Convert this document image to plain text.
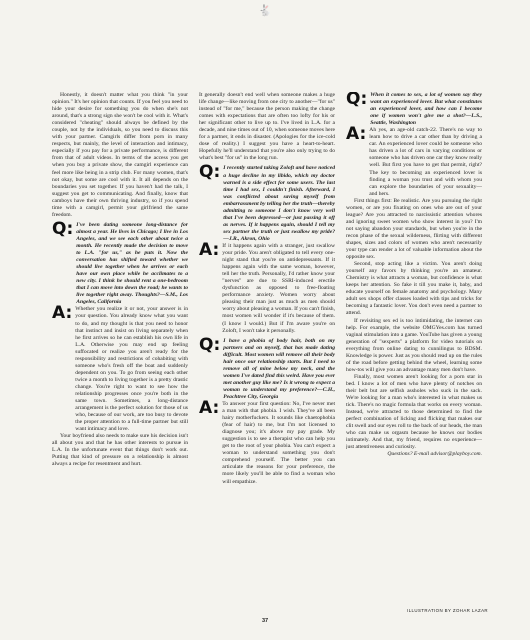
🐇

Honestly, it doesn't matter what you think "in your opinion." It's her opinion that counts. If you feel you need to hide your desire for something you do when she's not around, that's a strong sign she won't be cool with it. What's considered "cheating" should always be defined by the couple, not by the individuals, so you need to discuss this with your partner. Camgirls differ from porn in many respects, but mainly, the level of interaction and intimacy, especially if you pay for a private performance, is different from that of adult videos. In terms of the access you get when you buy a private show, the camgirl experience can feel more like being in a strip club. For many women, that's not okay, but some are cool with it. It all depends on the boundaries you set together. If you haven't had the talk, I suggest you get to communicating. And finally, know that camboys have their own thriving industry, so if you spend time with a camgirl, permit your girlfriend the same freedom.

Q: I've been dating someone long-distance for almost a year. He lives in Chicago; I live in Los Angeles, and we see each other about twice a month. He recently made the decision to move to L.A. "for us," as he puts it. Now the conversation has shifted toward whether we should live together when he arrives or each have our own place while he acclimates to a new city. I think he should rent a one-bedroom that I can move into down the road; he wants to live together right away. Thoughts?—S.M., Los Angeles, California

A: Whether you realize it or not, your answer is in your question. You already know what you want to do, and my thought is that you need to honor that instinct and insist on living separately when he first arrives so he can establish his own life in L.A. Otherwise you may end up feeling suffocated or realize you aren't ready for the responsibility and restrictions of cohabiting with someone who's fresh off the boat and suddenly dependent on you. To go from seeing each other twice a month to living together is a pretty drastic change. You're right to want to see how the relationship progresses once you're both in the same town. Sometimes, a long-distance arrangement is the perfect solution for those of us who, because of our work, are too busy to devote the proper attention to a full-time partner but still want intimacy and love.

Your boyfriend also needs to make sure his decision isn't all about you and that he has other interests to pursue in L.A. In the unfortunate event that things don't work out. Putting that kind of pressure on a relationship is almost always a recipe for resentment and hurt.

It generally doesn't end well when someone makes a huge life change—like moving from one city to another—"for us" instead of "for me," because the person making the change comes with expectations that are often too lofty for his or her significant other to live up to. I've lived in L.A. for a decade, and nine times out of 10, when someone moves here for a partner, it ends in disaster. (Apologies for the ice-cold dose of reality.) I suggest you have a heart-to-heart. Hopefully he'll understand that you're also only trying to do what's best "for us" in the long run.

Q: I recently started taking Zoloft and have noticed a huge decline in my libido, which my doctor warned is a side effect for some users. The last time I had sex, I couldn't finish. Afterward, I was conflicted about saving myself from embarrassment by telling her the truth—thereby admitting to someone I don't know very well that I've been depressed—or just passing it off as nerves. If it happens again, should I tell my sex partner the truth or just swallow my pride?—J.R., Akron, Ohio

A: If it happens again with a stranger, just swallow your pride. You aren't obligated to tell every one-night stand that you're on antidepressants. If it happens again with the same woman, however, tell her the truth. Personally, I'd rather know your "nerves" are due to SSRI-induced erectile dysfunction as opposed to free-floating performance anxiety. Women worry about pleasing their man just as much as men should worry about pleasing a woman. If you can't finish, most women will wonder if it's because of them. (I know I would.) But if I'm aware you're on Zoloft, I won't take it personally.

Q: I have a phobia of body hair, both on my partners and on myself, that has made dating difficult. Most women will remove all their body hair once our relationship starts. But I need to remove all of mine below my neck, and the women I've dated find this weird. Have you ever met another guy like me? Is it wrong to expect a woman to understand my preference?—C.H., Peachtree City, Georgia

A: To answer your first question: No, I've never met a man with that phobia. I wish. They've all been hairy motherfuckers. It sounds like chaetophobia (fear of hair) to me, but I'm not licensed to diagnose you; it's above my pay grade. My suggestion is to see a therapist who can help you get to the root of your phobia. You can't expect a woman to understand something you don't comprehend yourself. The better you can articulate the reasons for your preference, the more likely you'll be able to find a woman who will empathize.

Q: When it comes to sex, a lot of women say they want an experienced lover. But what constitutes an experienced lover, and how can I become one if women won't give me a shot?—L.S., Seattle, Washington

A: Ah yes, an age-old catch-22. There's no way to learn how to drive a car other than by driving a car. An experienced lover could be someone who has driven a lot of cars in varying conditions or someone who has driven one car they know really well. But first you have to get that permit, right? The key to becoming an experienced lover is finding a woman you trust and with whom you can explore the boundaries of your sexuality—and hers.

First things first: Be realistic. Are you pursuing the right women, or are you fixating on ones who are out of your league? Are you attracted to narcissistic attention whores and ignoring sweet women who show interest in you? I'm not saying abandon your standards, but when you're in the recon phase of the sexual wilderness, flirting with different shapes, sizes and colors of women who aren't necessarily your type can render a lot of valuable information about the opposite sex.

Second, stop acting like a victim. You aren't doing yourself any favors by thinking you're an amateur. Chemistry is what attracts a woman, but confidence is what keeps her attention. So fake it till you make it, baby, and educate yourself on female anatomy and psychology. Many adult sex shops offer classes loaded with tips and tricks for becoming a fantastic lover. You don't even need a partner to attend.

If revisiting sex ed is too intimidating, the internet can help. For example, the website OMGYes.com has turned vaginal stimulation into a game. YouTube has given a young generation of "sexperts" a platform for video tutorials on everything from online dating to cunnilingus to BDSM. Knowledge is power. Just as you should read up on the rules of the road before getting behind the wheel, learning some how-tos will give you an advantage many men don't have.

Finally, most women aren't looking for a porn star in bed. I know a lot of men who have plenty of notches on their belt but are selfish assholes who suck in the sack. We're looking for a man who's interested in what makes us tick. There's no magic formula that works on every woman. Instead, we're attracted to those determined to find the perfect combination of licking and flicking that makes our clit swell and our eyes roll to the back of our heads, the man who can make us orgasm because he knows our bodies intimately. And that, my friend, requires no experience—just attentiveness and curiosity.

Questions? E-mail advisor@playboy.com.

ILLUSTRATION BY ZOHAR LAZAR
37
